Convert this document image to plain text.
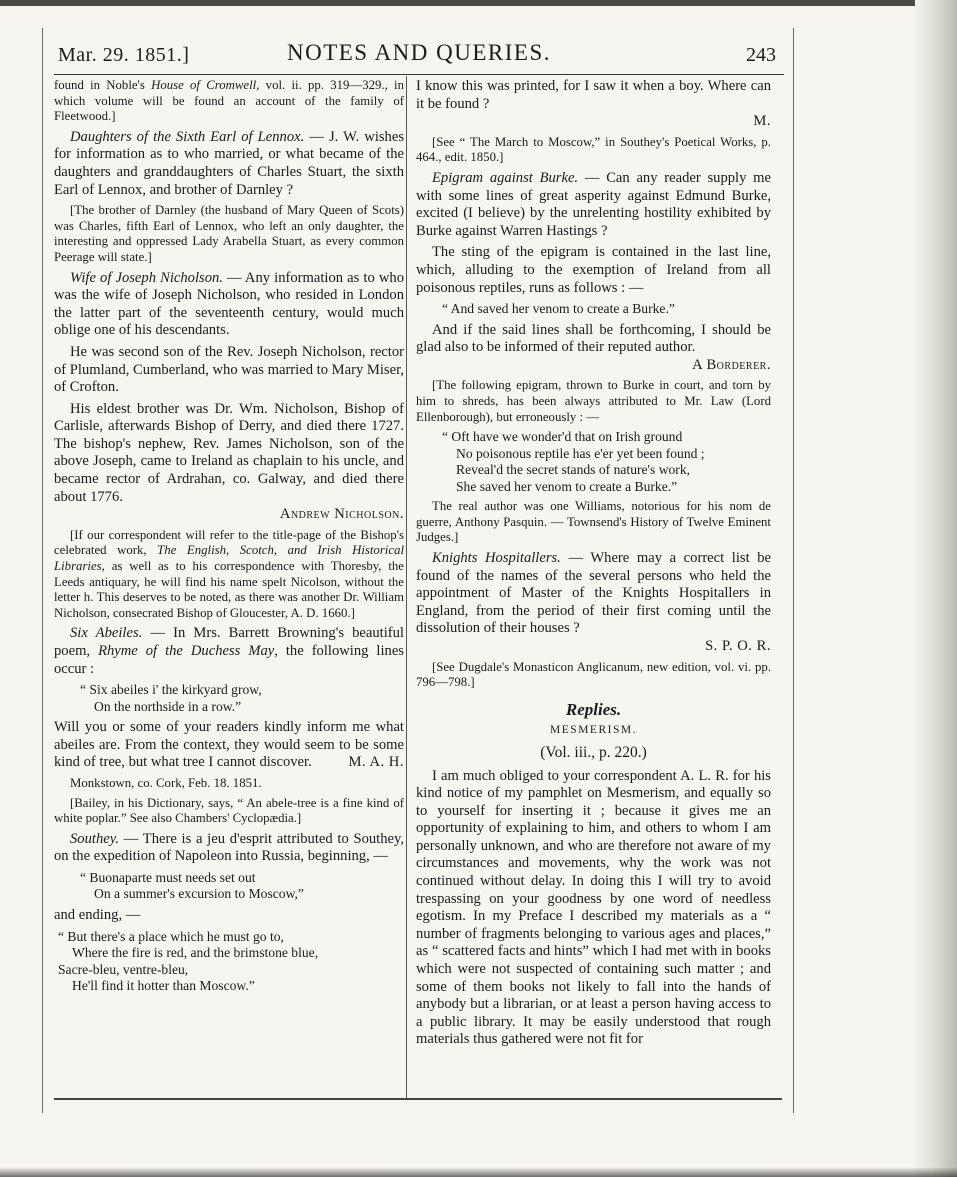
Mar. 29. 1851.]	NOTES AND QUERIES.	243

found in Noble's House of Cromwell, vol. ii. pp. 319—329., in which volume will be found an account of the family of Fleetwood.]

Daughters of the Sixth Earl of Lennox. — J. W. wishes for information as to who married, or what became of the daughters and granddaughters of Charles Stuart, the sixth Earl of Lennox, and brother of Darnley ?

[The brother of Darnley (the husband of Mary Queen of Scots) was Charles, fifth Earl of Lennox, who left an only daughter, the interesting and oppressed Lady Arabella Stuart, as every common Peerage will state.]

Wife of Joseph Nicholson. — Any information as to who was the wife of Joseph Nicholson, who resided in London the latter part of the seventeenth century, would much oblige one of his descendants.

He was second son of the Rev. Joseph Nicholson, rector of Plumland, Cumberland, who was married to Mary Miser, of Crofton.

His eldest brother was Dr. Wm. Nicholson, Bishop of Carlisle, afterwards Bishop of Derry, and died there 1727. The bishop's nephew, Rev. James Nicholson, son of the above Joseph, came to Ireland as chaplain to his uncle, and became rector of Ardrahan, co. Galway, and died there about 1776.
Andrew Nicholson.

[If our correspondent will refer to the title-page of the Bishop's celebrated work, The English, Scotch, and Irish Historical Libraries, as well as to his correspondence with Thoresby, the Leeds antiquary, he will find his name spelt Nicolson, without the letter h. This deserves to be noted, as there was another Dr. William Nicholson, consecrated Bishop of Gloucester, A. D. 1660.]

Six Abeiles. — In Mrs. Barrett Browning's beautiful poem, Rhyme of the Duchess May, the following lines occur :

“ Six abeiles i' the kirkyard grow,
On the northside in a row.”

Will you or some of your readers kindly inform me what abeiles are. From the context, they would seem to be some kind of tree, but what tree I cannot discover.	M. A. H.

Monkstown, co. Cork, Feb. 18. 1851.

[Bailey, in his Dictionary, says, “ An abele-tree is a fine kind of white poplar.” See also Chambers' Cyclopædia.]

Southey. — There is a jeu d'esprit attributed to Southey, on the expedition of Napoleon into Russia, beginning, —

“ Buonaparte must needs set out
On a summer's excursion to Moscow,”

and ending, —

“ But there's a place which he must go to,
Where the fire is red, and the brimstone blue,
Sacre-bleu, ventre-bleu,
He'll find it hotter than Moscow.”

I know this was printed, for I saw it when a boy. Where can it be found ?
M.

[See “ The March to Moscow,” in Southey's Poetical Works, p. 464., edit. 1850.]

Epigram against Burke. — Can any reader supply me with some lines of great asperity against Edmund Burke, excited (I believe) by the unrelenting hostility exhibited by Burke against Warren Hastings ?

The sting of the epigram is contained in the last line, which, alluding to the exemption of Ireland from all poisonous reptiles, runs as follows : —

“ And saved her venom to create a Burke.”

And if the said lines shall be forthcoming, I should be glad also to be informed of their reputed author.
A Borderer.

[The following epigram, thrown to Burke in court, and torn by him to shreds, has been always attributed to Mr. Law (Lord Ellenborough), but erroneously : —

“ Oft have we wonder'd that on Irish ground
No poisonous reptile has e'er yet been found ;
Reveal'd the secret stands of nature's work,
She saved her venom to create a Burke.”

The real author was one Williams, notorious for his nom de guerre, Anthony Pasquin. — Townsend's History of Twelve Eminent Judges.]

Knights Hospitallers. — Where may a correct list be found of the names of the several persons who held the appointment of Master of the Knights Hospitallers in England, from the period of their first coming until the dissolution of their houses ?
S. P. O. R.

[See Dugdale's Monasticon Anglicanum, new edition, vol. vi. pp. 796—798.]

Replies.
MESMERISM.
(Vol. iii., p. 220.)

I am much obliged to your correspondent A. L. R. for his kind notice of my pamphlet on Mesmerism, and equally so to yourself for inserting it ; because it gives me an opportunity of explaining to him, and others to whom I am personally unknown, and who are therefore not aware of my circumstances and movements, why the work was not continued without delay. In doing this I will try to avoid trespassing on your goodness by one word of needless egotism. In my Preface I described my materials as a “ number of fragments belonging to various ages and places,” as “ scattered facts and hints” which I had met with in books which were not suspected of containing such matter ; and some of them books not likely to fall into the hands of anybody but a librarian, or at least a person having access to a public library. It may be easily understood that rough materials thus gathered were not fit for
